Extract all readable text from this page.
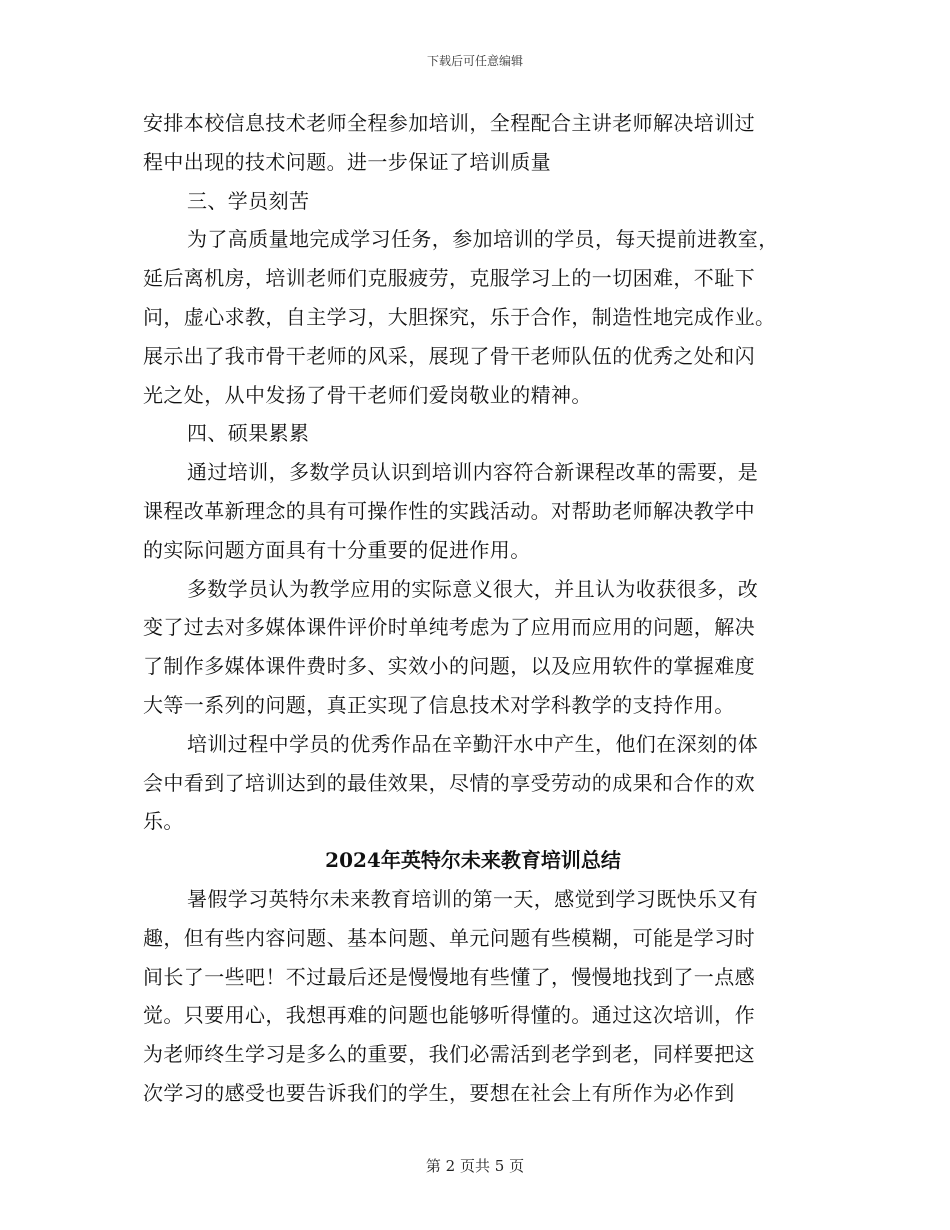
下载后可任意编辑
安排本校信息技术老师全程参加培训，全程配合主讲老师解决培训过
程中出现的技术问题。进一步保证了培训质量
三、学员刻苦
为了高质量地完成学习任务，参加培训的学员，每天提前进教室，
延后离机房，培训老师们克服疲劳，克服学习上的一切困难，不耻下
问，虚心求教，自主学习，大胆探究，乐于合作，制造性地完成作业。
展示出了我市骨干老师的风采，展现了骨干老师队伍的优秀之处和闪
光之处，从中发扬了骨干老师们爱岗敬业的精神。
四、硕果累累
通过培训，多数学员认识到培训内容符合新课程改革的需要，是
课程改革新理念的具有可操作性的实践活动。对帮助老师解决教学中
的实际问题方面具有十分重要的促进作用。
多数学员认为教学应用的实际意义很大，并且认为收获很多，改
变了过去对多媒体课件评价时单纯考虑为了应用而应用的问题，解决
了制作多媒体课件费时多、实效小的问题，以及应用软件的掌握难度
大等一系列的问题，真正实现了信息技术对学科教学的支持作用。
培训过程中学员的优秀作品在辛勤汗水中产生，他们在深刻的体
会中看到了培训达到的最佳效果，尽情的享受劳动的成果和合作的欢
乐。
2024年英特尔未来教育培训总结
暑假学习英特尔未来教育培训的第一天，感觉到学习既快乐又有
趣，但有些内容问题、基本问题、单元问题有些模糊，可能是学习时
间长了一些吧！不过最后还是慢慢地有些懂了，慢慢地找到了一点感
觉。只要用心，我想再难的问题也能够听得懂的。通过这次培训，作
为老师终生学习是多么的重要，我们必需活到老学到老，同样要把这
次学习的感受也要告诉我们的学生，要想在社会上有所作为必作到
第 2 页共 5 页
